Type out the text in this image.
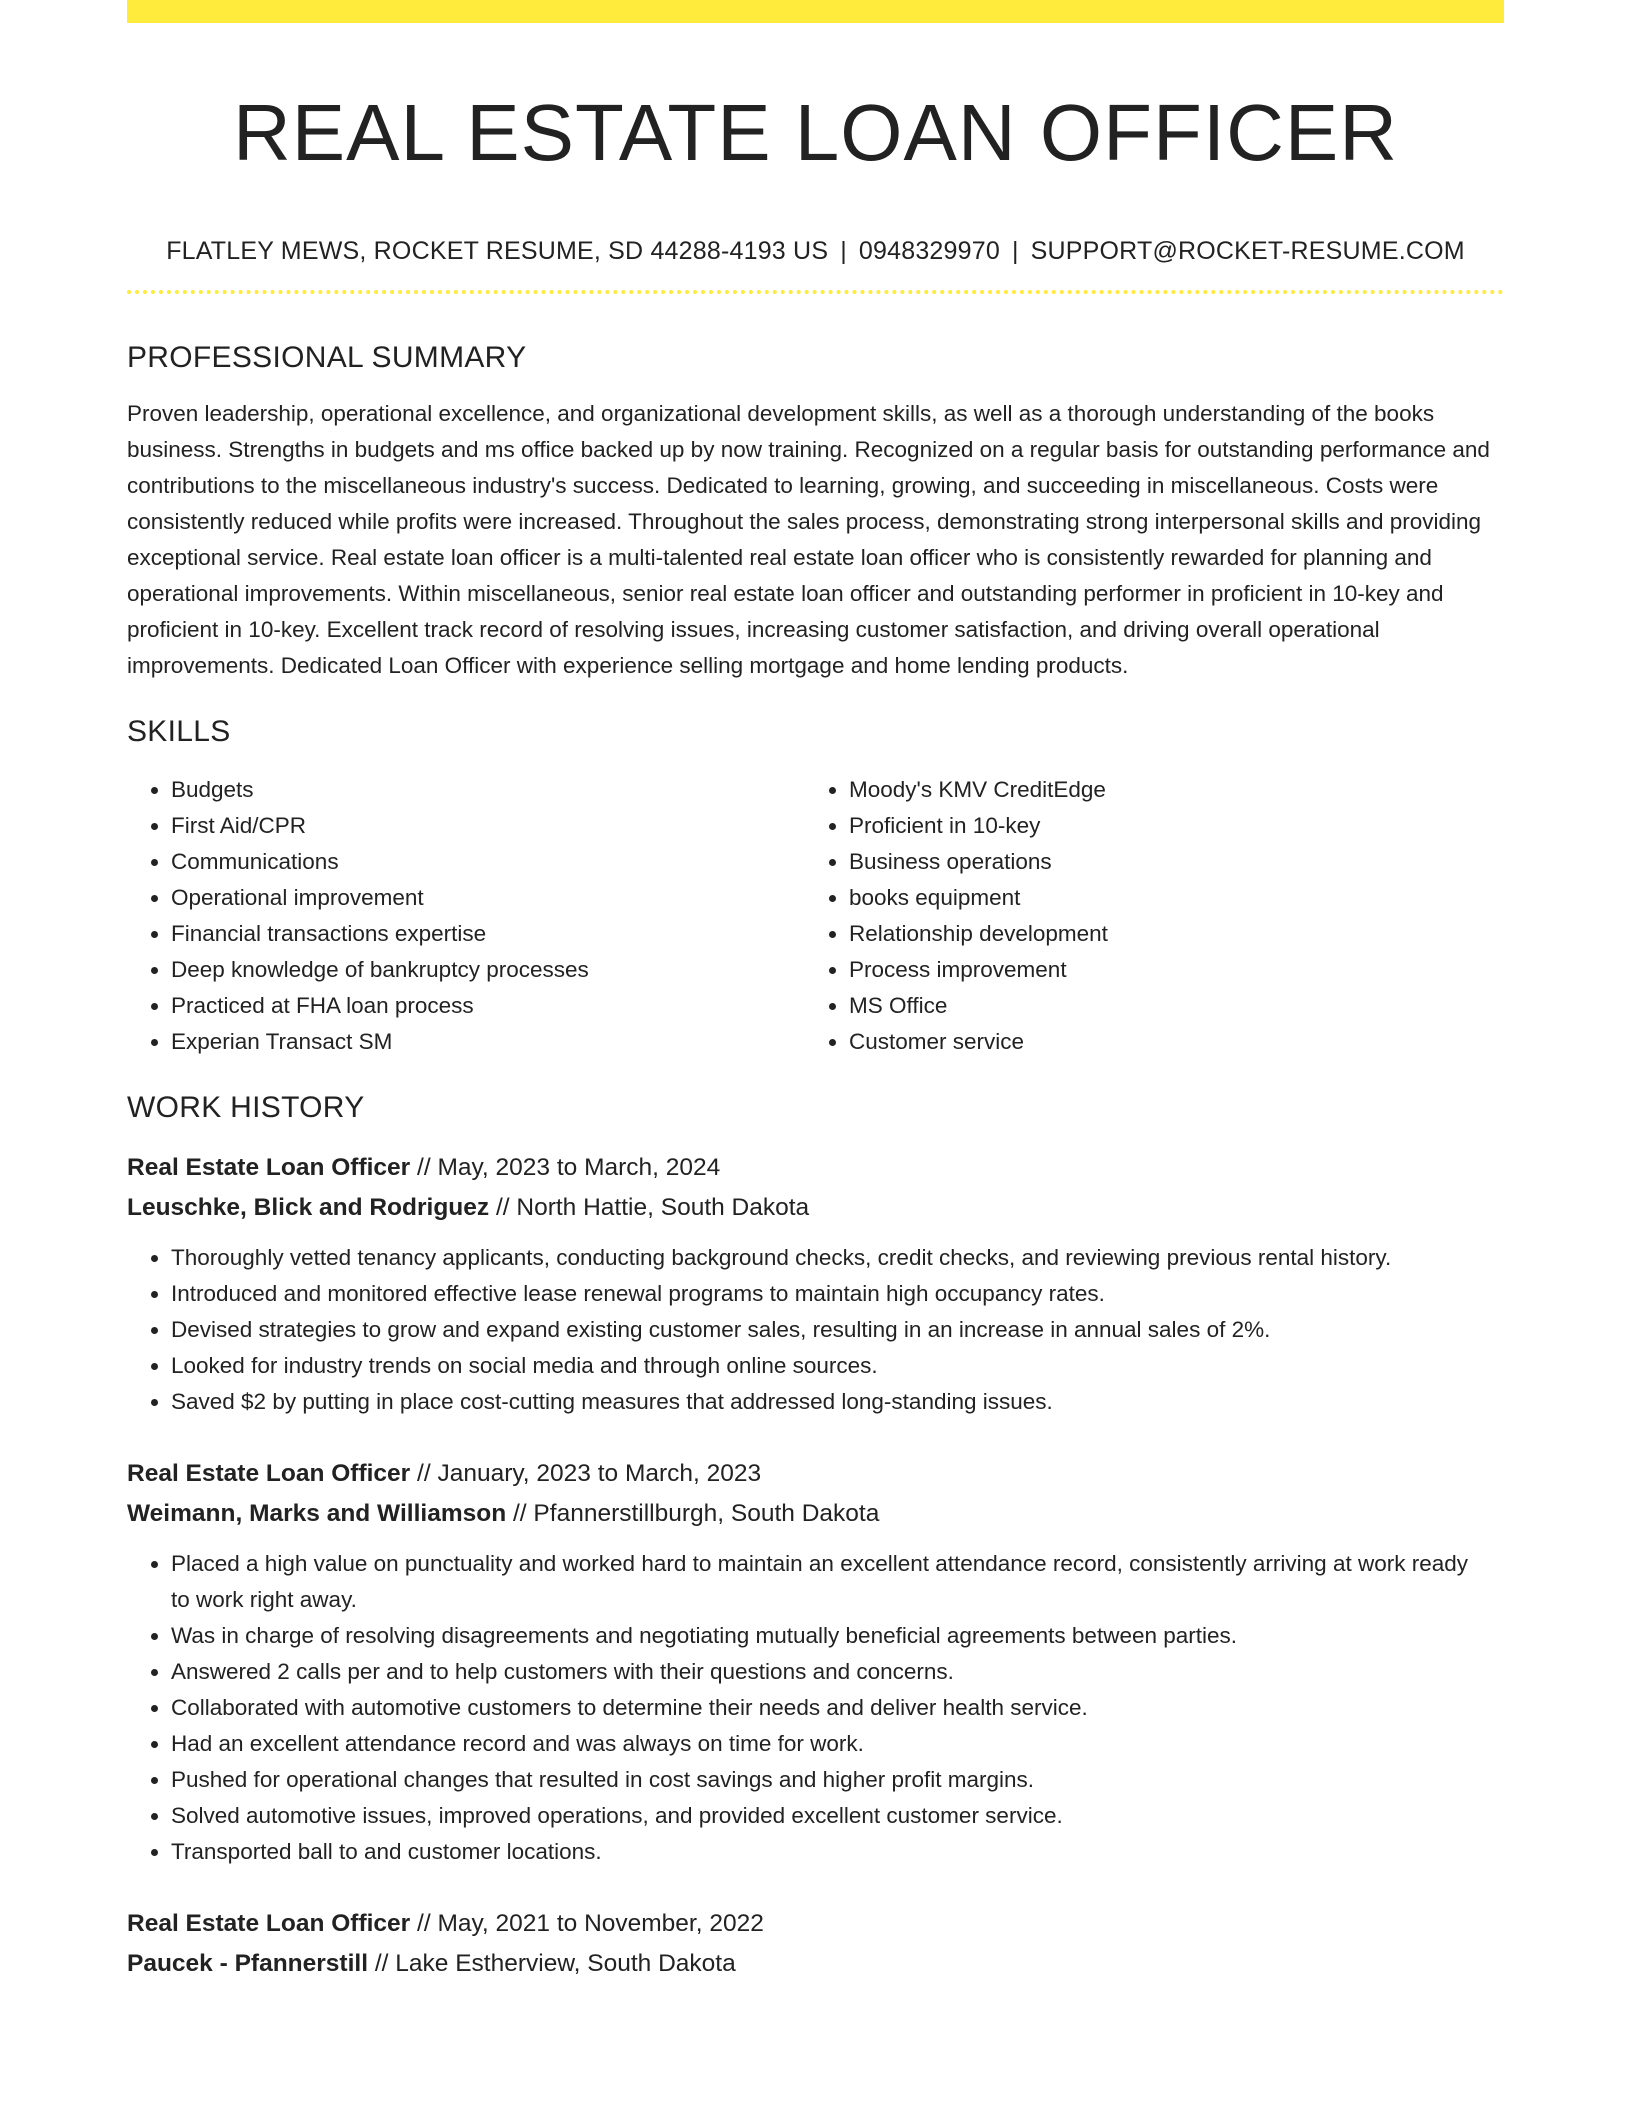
REAL ESTATE LOAN OFFICER
FLATLEY MEWS, ROCKET RESUME, SD 44288-4193 US | 0948329970 | SUPPORT@ROCKET-RESUME.COM
PROFESSIONAL SUMMARY

Proven leadership, operational excellence, and organizational development skills, as well as a thorough understanding of the books business. Strengths in budgets and ms office backed up by now training. Recognized on a regular basis for outstanding performance and contributions to the miscellaneous industry's success. Dedicated to learning, growing, and succeeding in miscellaneous. Costs were consistently reduced while profits were increased. Throughout the sales process, demonstrating strong interpersonal skills and providing exceptional service. Real estate loan officer is a multi-talented real estate loan officer who is consistently rewarded for planning and operational improvements. Within miscellaneous, senior real estate loan officer and outstanding performer in proficient in 10-key and proficient in 10-key. Excellent track record of resolving issues, increasing customer satisfaction, and driving overall operational improvements. Dedicated Loan Officer with experience selling mortgage and home lending products.

SKILLS
• Budgets
• First Aid/CPR
• Communications
• Operational improvement
• Financial transactions expertise
• Deep knowledge of bankruptcy processes
• Practiced at FHA loan process
• Experian Transact SM
• Moody's KMV CreditEdge
• Proficient in 10-key
• Business operations
• books equipment
• Relationship development
• Process improvement
• MS Office
• Customer service
WORK HISTORY
Real Estate Loan Officer // May, 2023 to March, 2024
Leuschke, Blick and Rodriguez // North Hattie, South Dakota
• Thoroughly vetted tenancy applicants, conducting background checks, credit checks, and reviewing previous rental history.
• Introduced and monitored effective lease renewal programs to maintain high occupancy rates.
• Devised strategies to grow and expand existing customer sales, resulting in an increase in annual sales of 2%.
• Looked for industry trends on social media and through online sources.
• Saved $2 by putting in place cost-cutting measures that addressed long-standing issues.
Real Estate Loan Officer // January, 2023 to March, 2023
Weimann, Marks and Williamson // Pfannerstillburgh, South Dakota
• Placed a high value on punctuality and worked hard to maintain an excellent attendance record, consistently arriving at work ready to work right away.
• Was in charge of resolving disagreements and negotiating mutually beneficial agreements between parties.
• Answered 2 calls per and to help customers with their questions and concerns.
• Collaborated with automotive customers to determine their needs and deliver health service.
• Had an excellent attendance record and was always on time for work.
• Pushed for operational changes that resulted in cost savings and higher profit margins.
• Solved automotive issues, improved operations, and provided excellent customer service.
• Transported ball to and customer locations.
Real Estate Loan Officer // May, 2021 to November, 2022
Paucek - Pfannerstill // Lake Estherview, South Dakota
